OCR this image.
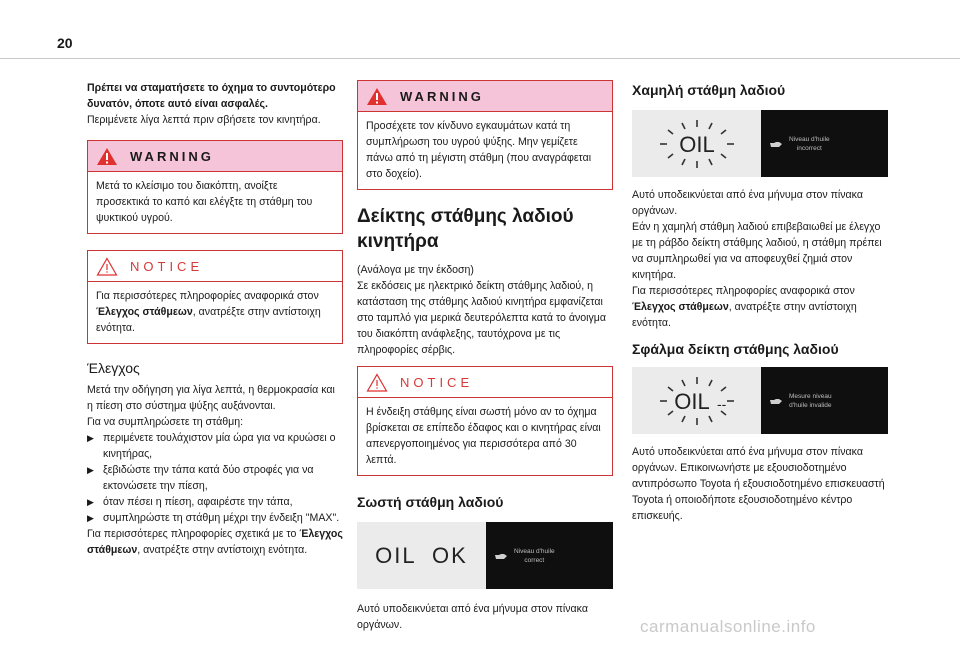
20

Πρέπει να σταματήσετε το όχημα το συντομότερο δυνατόν, όποτε αυτό είναι ασφαλές.

Περιμένετε λίγα λεπτά πριν σβήσετε τον κινητήρα.

WARNING
Μετά το κλείσιμο του διακόπτη, ανοίξτε προσεκτικά το καπό και ελέγξτε τη στάθμη του ψυκτικού υγρού.
NOTICE
Για περισσότερες πληροφορίες αναφορικά στον Έλεγχος στάθμεων, ανατρέξτε στην αντίστοιχη ενότητα.
Έλεγχος

Μετά την οδήγηση για λίγα λεπτά, η θερμοκρασία και η πίεση στο σύστημα ψύξης αυξάνονται.

Για να συμπληρώσετε τη στάθμη:

▶ περιμένετε τουλάχιστον μία ώρα για να κρυώσει ο κινητήρας,

▶ ξεβιδώστε την τάπα κατά δύο στροφές για να εκτονώσετε την πίεση,

▶ όταν πέσει η πίεση, αφαιρέστε την τάπα,

▶ συμπληρώστε τη στάθμη μέχρι την ένδειξη "MAX".

Για περισσότερες πληροφορίες σχετικά με το Έλεγχος στάθμεων, ανατρέξτε στην αντίστοιχη ενότητα.

WARNING
Προσέχετε τον κίνδυνο εγκαυμάτων κατά τη συμπλήρωση του υγρού ψύξης. Μην γεμίζετε πάνω από τη μέγιστη στάθμη (που αναγράφεται στο δοχείο).
Δείκτης στάθμης λαδιού κινητήρα

(Ανάλογα με την έκδοση)

Σε εκδόσεις με ηλεκτρικό δείκτη στάθμης λαδιού, η κατάσταση της στάθμης λαδιού κινητήρα εμφανίζεται στο ταμπλό για μερικά δευτερόλεπτα κατά το άνοιγμα του διακόπτη ανάφλεξης, ταυτόχρονα με τις πληροφορίες σέρβις.

NOTICE
Η ένδειξη στάθμης είναι σωστή μόνο αν το όχημα βρίσκεται σε επίπεδο έδαφος και ο κινητήρας είναι απενεργοποιημένος για περισσότερα από 30 λεπτά.
Σωστή στάθμη λαδιού
OIL  OK	Niveau d'huile
correct

Αυτό υποδεικνύεται από ένα μήνυμα στον πίνακα οργάνων.

Χαμηλή στάθμη λαδιού
OIL	Niveau d'huile
incorrect

Αυτό υποδεικνύεται από ένα μήνυμα στον πίνακα οργάνων.

Εάν η χαμηλή στάθμη λαδιού επιβεβαιωθεί με έλεγχο με τη ράβδο δείκτη στάθμης λαδιού, η στάθμη πρέπει να συμπληρωθεί για να αποφευχθεί ζημιά στον κινητήρα.

Για περισσότερες πληροφορίες αναφορικά στον Έλεγχος στάθμεων, ανατρέξτε στην αντίστοιχη ενότητα.

Σφάλμα δείκτη στάθμης λαδιού
OIL --	Mesure niveau
d'huile invalide

Αυτό υποδεικνύεται από ένα μήνυμα στον πίνακα οργάνων. Επικοινωνήστε με εξουσιοδοτημένο αντιπρόσωπο Toyota ή εξουσιοδοτημένο επισκευαστή Toyota ή οποιοδήποτε εξουσιοδοτημένο κέντρο επισκευής.

carmanualsonline.info
